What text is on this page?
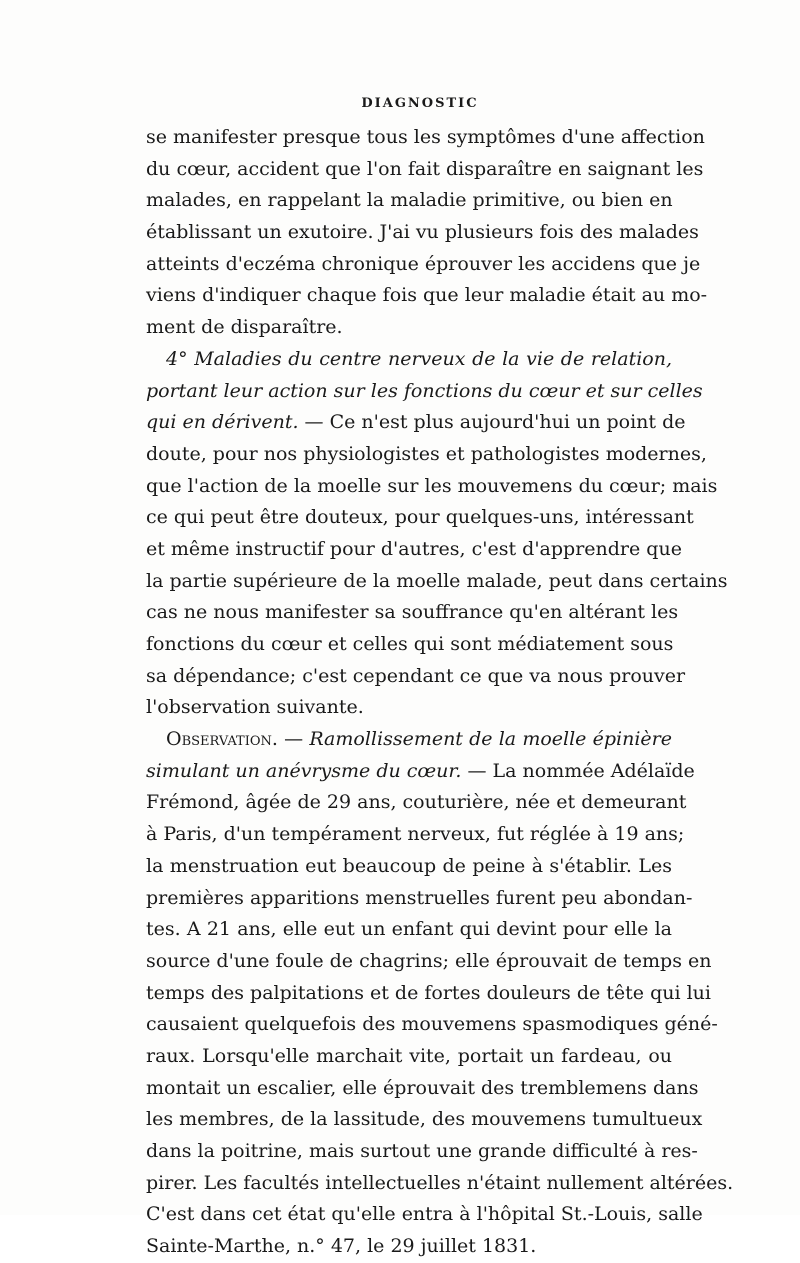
DIAGNOSTIC
se manifester presque tous les symptômes d'une affection
du cœur, accident que l'on fait disparaître en saignant les
malades, en rappelant la maladie primitive, ou bien en
établissant un exutoire. J'ai vu plusieurs fois des malades
atteints d'eczéma chronique éprouver les accidens que je
viens d'indiquer chaque fois que leur maladie était au mo-
ment de disparaître.
4° Maladies du centre nerveux de la vie de relation,
portant leur action sur les fonctions du cœur et sur celles
qui en dérivent. — Ce n'est plus aujourd'hui un point de
doute, pour nos physiologistes et pathologistes modernes,
que l'action de la moelle sur les mouvemens du cœur; mais
ce qui peut être douteux, pour quelques-uns, intéressant
et même instructif pour d'autres, c'est d'apprendre que
la partie supérieure de la moelle malade, peut dans certains
cas ne nous manifester sa souffrance qu'en altérant les
fonctions du cœur et celles qui sont médiatement sous
sa dépendance; c'est cependant ce que va nous prouver
l'observation suivante.
Observation. — Ramollissement de la moelle épinière
simulant un anévrysme du cœur. — La nommée Adélaïde
Frémond, âgée de 29 ans, couturière, née et demeurant
à Paris, d'un tempérament nerveux, fut réglée à 19 ans;
la menstruation eut beaucoup de peine à s'établir. Les
premières apparitions menstruelles furent peu abondan-
tes. A 21 ans, elle eut un enfant qui devint pour elle la
source d'une foule de chagrins; elle éprouvait de temps en
temps des palpitations et de fortes douleurs de tête qui lui
causaient quelquefois des mouvemens spasmodiques géné-
raux. Lorsqu'elle marchait vite, portait un fardeau, ou
montait un escalier, elle éprouvait des tremblemens dans
les membres, de la lassitude, des mouvemens tumultueux
dans la poitrine, mais surtout une grande difficulté à res-
pirer. Les facultés intellectuelles n'étaint nullement altérées.
C'est dans cet état qu'elle entra à l'hôpital St.-Louis, salle
Sainte-Marthe, n.° 47, le 29 juillet 1831.
